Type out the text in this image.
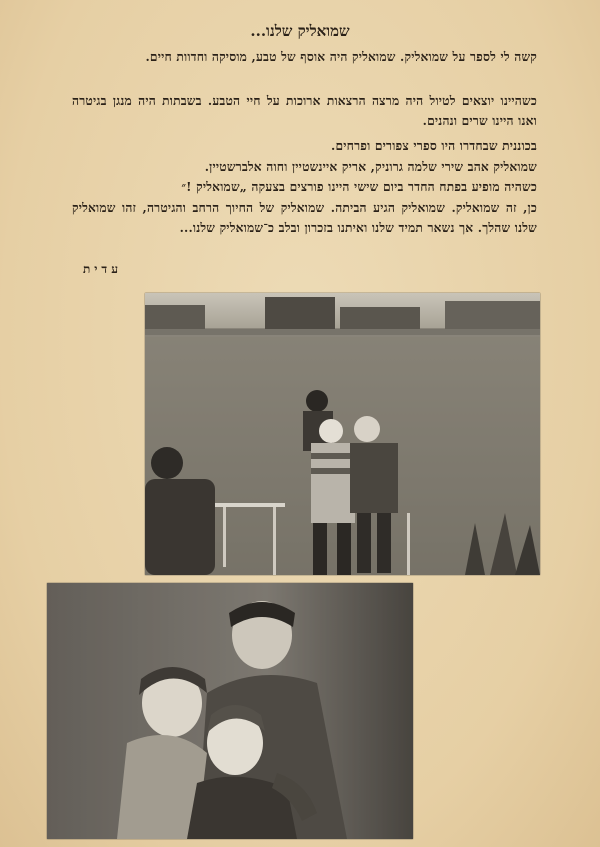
שמואליק שלנו...

קשה לי לספר על שמואליק. שמואליק היה אוסף של טבע, מוסיקה וחדוות חיים.

כשהיינו יוצאים לטיול היה מרצה הרצאות ארוכות על חיי הטבע. בשבתות היה מנגן בגיטרה ואנו היינו שרים ונהנים.

בכוננית שבחדרו היו ספרי צפורים ופרחים.

שמואליק אהב שירי שלמה גרוניק, אריק איינשטיין וחוה אלברשטיין.

כשהיה מופיע בפתח החדר ביום שישי היינו פורצים בצעקה „שמואליק !״

כן, זה שמואליק. שמואליק הגיע הביתה. שמואליק של החיוך הרחב והגיטרה, זהו שמואליק שלנו שהלך. אך נשאר תמיד שלנו ואיתנו בזכרון ובלב כ־שמואליק שלנו...

עדית
